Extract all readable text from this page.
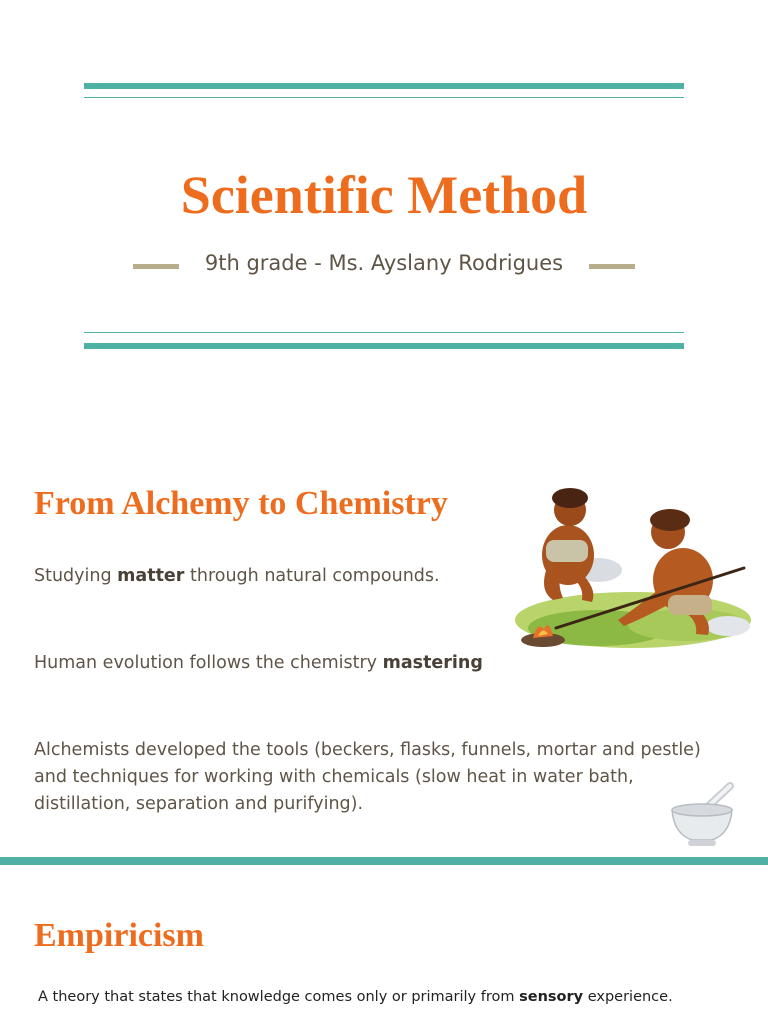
Scientific Method
9th grade - Ms. Ayslany Rodrigues
From Alchemy to Chemistry
Studying matter through natural compounds.
Human evolution follows the chemistry mastering
Alchemists developed the tools (beckers, flasks, funnels, mortar and pestle) and techniques for working with chemicals (slow heat in water bath, distillation, separation and purifying).
Empiricism
A theory that states that knowledge comes only or primarily from sensory experience.
